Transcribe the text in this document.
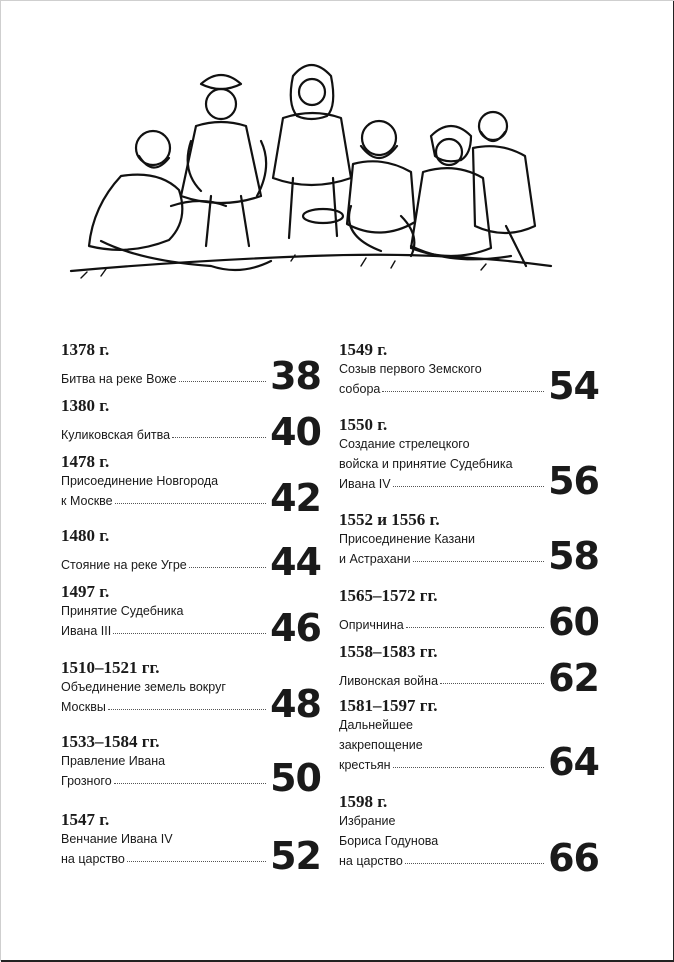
1378 г.
Битва на реке Воже 38
1380 г.
Куликовская битва	40
1478 г.
Присоединение Новгорода
к Москве	42
1480 г.
Стояние на реке Угре 44
1497 г.
Принятие Судебника
Ивана III	46
1510–1521 гг.
Объединение земель вокруг
Москвы	48
1533–1584 гг.
Правление Ивана
Грозного	50
1547 г.
Венчание Ивана IV
на царство	52
1549 г.
Созыв первого Земского
собора	54
1550 г.
Создание стрелецкого
войска и принятие Судебника
Ивана IV	56
1552 и 1556 г.
Присоединение Казани
и Астрахани	58
1565–1572 гг.
Опричнина	60
1558–1583 гг.
Ливонская война	62
1581–1597 гг.
Дальнейшее
закрепощение
крестьян	64
1598 г.
Избрание
Бориса Годунова
на царство	66
